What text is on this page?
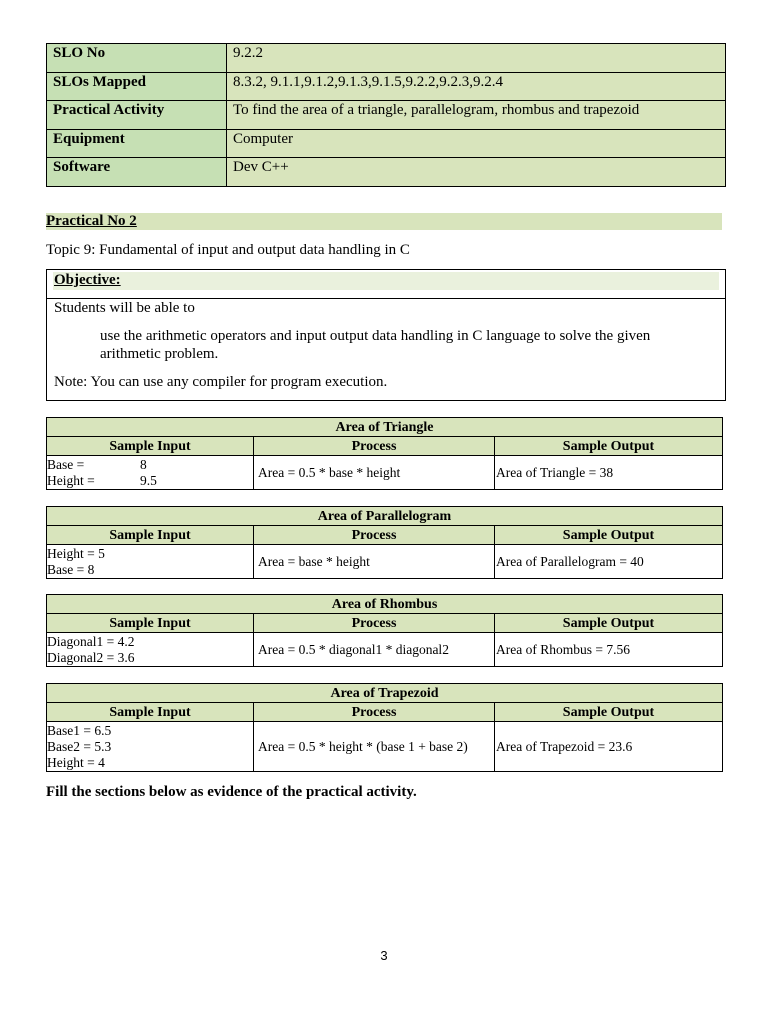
SLO No	9.2.2
SLOs Mapped	8.3.2, 9.1.1,9.1.2,9.1.3,9.1.5,9.2.2,9.2.3,9.2.4
Practical Activity	To find the area of a triangle, parallelogram, rhombus and trapezoid
Equipment	Computer
Software	Dev C++
Practical No 2
Topic 9: Fundamental of input and output data handling in C
Objective:
Students will be able to
use the arithmetic operators and input output data handling in C language to solve the given arithmetic problem.
Note: You can use any compiler for program execution.
Area of Triangle		
Sample Input	Process	Sample Output

Base = 8
Height = 9.5	Area = 0.5 * base * height	Area of Triangle = 38
Area of Parallelogram		
Sample Input	Process	Sample Output

Height = 5
Base = 8	Area = base * height	Area of Parallelogram = 40
Area of Rhombus		
Sample Input	Process	Sample Output

Diagonal1 = 4.2
Diagonal2 = 3.6	Area = 0.5 * diagonal1 * diagonal2	Area of Rhombus = 7.56
Area of Trapezoid		
Sample Input	Process	Sample Output

Base1 = 6.5
Base2 = 5.3
Height = 4	Area = 0.5 * height * (base 1 + base 2)	Area of Trapezoid = 23.6
Fill the sections below as evidence of the practical activity.
3
